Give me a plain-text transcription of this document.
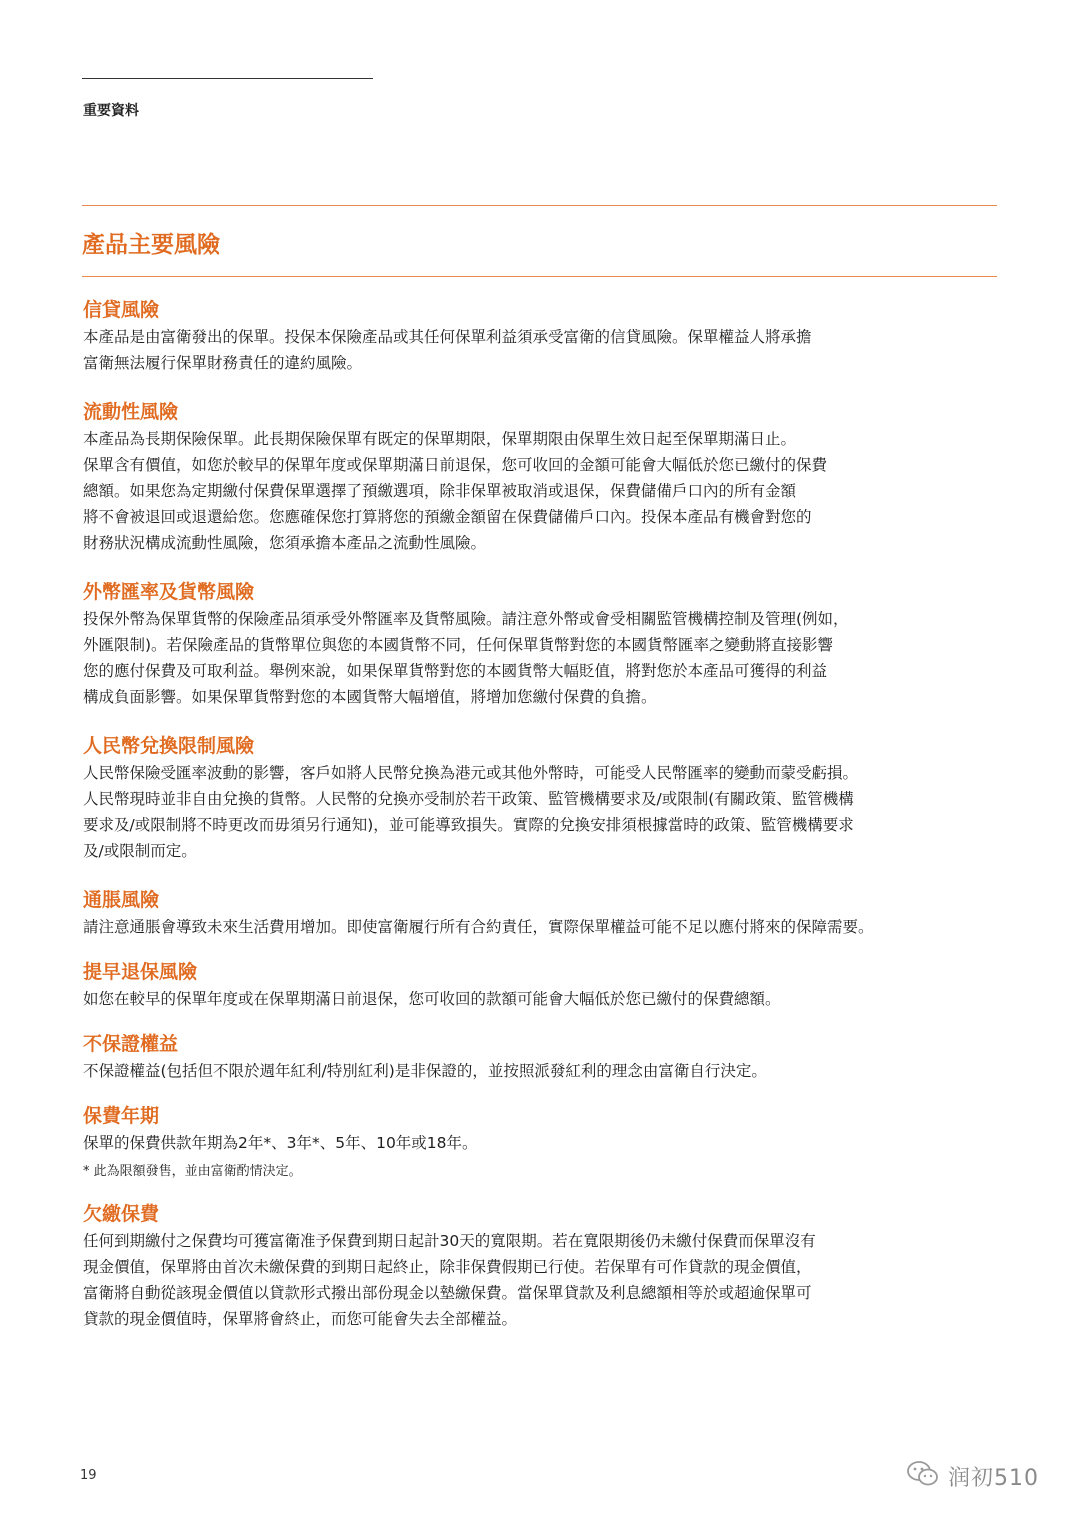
重要資料
產品主要風險
信貸風險
本產品是由富衛發出的保單。投保本保險產品或其任何保單利益須承受富衛的信貸風險。保單權益人將承擔
富衛無法履行保單財務責任的違約風險。
流動性風險
本產品為長期保險保單。此長期保險保單有既定的保單期限，保單期限由保單生效日起至保單期滿日止。
保單含有價值，如您於較早的保單年度或保單期滿日前退保，您可收回的金額可能會大幅低於您已繳付的保費
總額。如果您為定期繳付保費保單選擇了預繳選項，除非保單被取消或退保，保費儲備戶口內的所有金額
將不會被退回或退還給您。您應確保您打算將您的預繳金額留在保費儲備戶口內。投保本產品有機會對您的
財務狀況構成流動性風險，您須承擔本產品之流動性風險。
外幣匯率及貨幣風險
投保外幣為保單貨幣的保險產品須承受外幣匯率及貨幣風險。請注意外幣或會受相關監管機構控制及管理(例如，
外匯限制)。若保險產品的貨幣單位與您的本國貨幣不同，任何保單貨幣對您的本國貨幣匯率之變動將直接影響
您的應付保費及可取利益。舉例來說，如果保單貨幣對您的本國貨幣大幅貶值，將對您於本產品可獲得的利益
構成負面影響。如果保單貨幣對您的本國貨幣大幅增值，將增加您繳付保費的負擔。
人民幣兌換限制風險
人民幣保險受匯率波動的影響，客戶如將人民幣兌換為港元或其他外幣時，可能受人民幣匯率的變動而蒙受虧損。
人民幣現時並非自由兌換的貨幣。人民幣的兌換亦受制於若干政策、監管機構要求及/或限制(有關政策、監管機構
要求及/或限制將不時更改而毋須另行通知)，並可能導致損失。實際的兌換安排須根據當時的政策、監管機構要求
及/或限制而定。
通脹風險
請注意通脹會導致未來生活費用增加。即使富衛履行所有合約責任，實際保單權益可能不足以應付將來的保障需要。
提早退保風險
如您在較早的保單年度或在保單期滿日前退保，您可收回的款額可能會大幅低於您已繳付的保費總額。
不保證權益
不保證權益(包括但不限於週年紅利/特別紅利)是非保證的，並按照派發紅利的理念由富衛自行決定。
保費年期
保單的保費供款年期為2年*、3年*、5年、10年或18年。
* 此為限額發售，並由富衛酌情決定。
欠繳保費
任何到期繳付之保費均可獲富衛准予保費到期日起計30天的寬限期。若在寬限期後仍未繳付保費而保單沒有
現金價值，保單將由首次未繳保費的到期日起終止，除非保費假期已行使。若保單有可作貸款的現金價值，
富衛將自動從該現金價值以貸款形式撥出部份現金以墊繳保費。當保單貸款及利息總額相等於或超逾保單可
貸款的現金價值時，保單將會終止，而您可能會失去全部權益。
19	润初510
